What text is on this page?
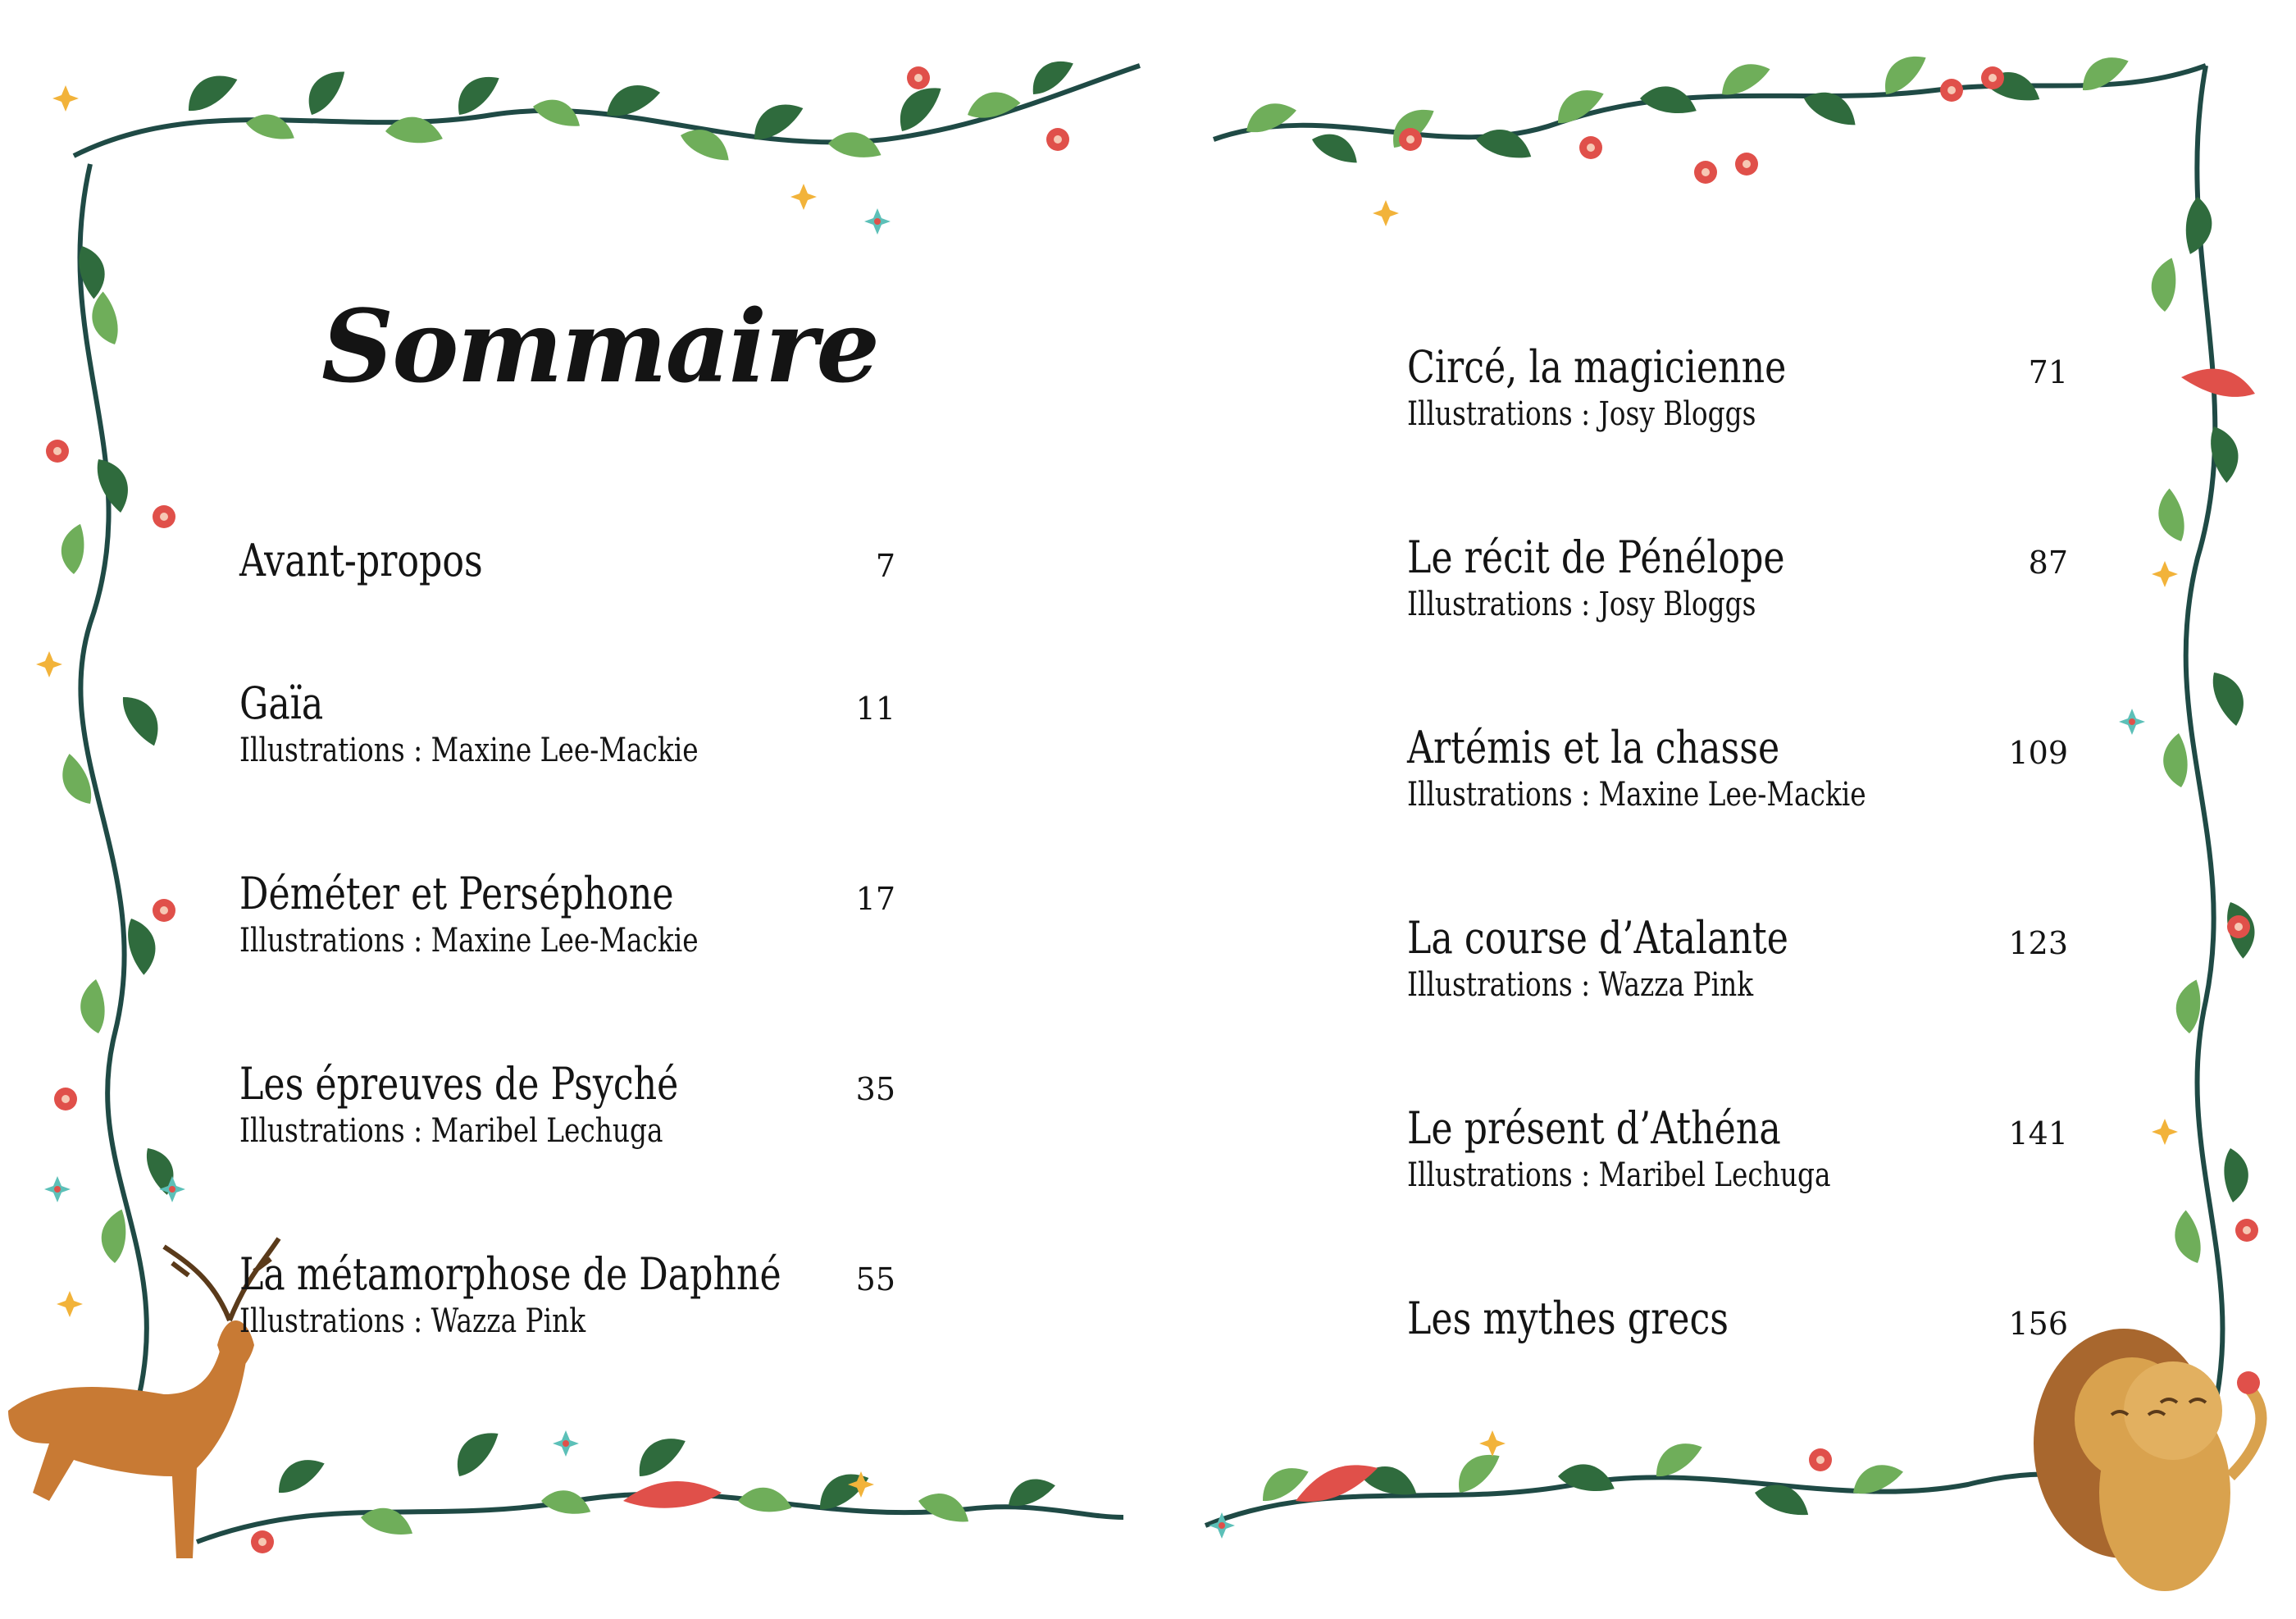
Sommaire
Avant-propos	7
Gaïa
Illustrations : Maxine Lee-Mackie
11
Déméter et Perséphone
Illustrations : Maxine Lee-Mackie
17
Les épreuves de Psyché
Illustrations : Maribel Lechuga
35
La métamorphose de Daphné
Illustrations : Wazza Pink
55
Circé, la magicienne
Illustrations : Josy Bloggs
71
Le récit de Pénélope
Illustrations : Josy Bloggs
87
Artémis et la chasse
Illustrations : Maxine Lee-Mackie
109
La course d’Atalante
Illustrations : Wazza Pink
123
Le présent d’Athéna
Illustrations : Maribel Lechuga
141
Les mythes grecs	156
